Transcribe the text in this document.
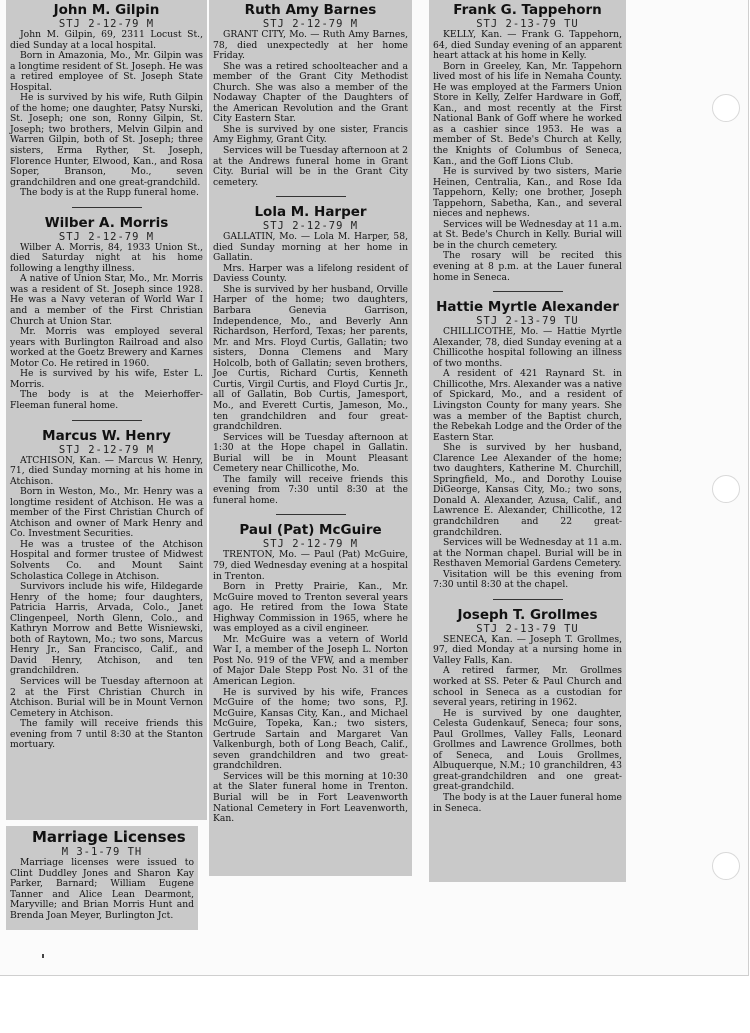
John M. Gilpin
STJ 2-12-79 M

John M. Gilpin, 69, 2311 Locust St., died Sunday at a local hospital.

Born in Amazonia, Mo., Mr. Gilpin was a longtime resident of St. Joseph. He was a retired employee of St. Joseph State Hospital.

He is survived by his wife, Ruth Gilpin of the home; one daughter, Patsy Nurski, St. Joseph; one son, Ronny Gilpin, St. Joseph; two brothers, Melvin Gilpin and Warren Gilpin, both of St. Joseph; three sisters, Erma Ryther, St. Joseph, Florence Hunter, Elwood, Kan., and Rosa Soper, Branson, Mo., seven grandchildren and one great-grandchild.

The body is at the Rupp funeral home.

Wilber A. Morris
STJ 2-12-79 M

Wilber A. Morris, 84, 1933 Union St., died Saturday night at his home following a lengthy illness.

A native of Union Star, Mo., Mr. Morris was a resident of St. Joseph since 1928. He was a Navy veteran of World War I and a member of the First Christian Church at Union Star.

Mr. Morris was employed several years with Burlington Railroad and also worked at the Goetz Brewery and Karnes Motor Co. He retired in 1960.

He is survived by his wife, Ester L. Morris.

The body is at the Meierhoffer-Fleeman funeral home.

Marcus W. Henry
STJ 2-12-79 M

ATCHISON, Kan. — Marcus W. Henry, 71, died Sunday morning at his home in Atchison.

Born in Weston, Mo., Mr. Henry was a longtime resident of Atchison. He was a member of the First Christian Church of Atchison and owner of Mark Henry and Co. Investment Securities.

He was a trustee of the Atchison Hospital and former trustee of Midwest Solvents Co. and Mount Saint Scholastica College in Atchison.

Survivors include his wife, Hildegarde Henry of the home; four daughters, Patricia Harris, Arvada, Colo., Janet Clingenpeel, North Glenn, Colo., and Kathryn Morrow and Bette Wisniewski, both of Raytown, Mo.; two sons, Marcus Henry Jr., San Francisco, Calif., and David Henry, Atchison, and ten grandchildren.

Services will be Tuesday afternoon at 2 at the First Christian Church in Atchison. Burial will be in Mount Vernon Cemetery in Atchison.

The family will receive friends this evening from 7 until 8:30 at the Stanton mortuary.

Marriage Licenses
M 3-1-79 TH

Marriage licenses were issued to Clint Duddley Jones and Sharon Kay Parker, Barnard; William Eugene Tanner and Alice Lean Dearmont, Maryville; and Brian Morris Hunt and Brenda Joan Meyer, Burlington Jct.

Ruth Amy Barnes
STJ 2-12-79 M

GRANT CITY, Mo. — Ruth Amy Barnes, 78, died unexpectedly at her home Friday.

She was a retired schoolteacher and a member of the Grant City Methodist Church. She was also a member of the Nodaway Chapter of the Daughters of the American Revolution and the Grant City Eastern Star.

She is survived by one sister, Francis Amy Eighmy, Grant City.

Services will be Tuesday afternoon at 2 at the Andrews funeral home in Grant City. Burial will be in the Grant City cemetery.

Lola M. Harper
STJ 2-12-79 M

GALLATIN, Mo. — Lola M. Harper, 58, died Sunday morning at her home in Gallatin.

Mrs. Harper was a lifelong resident of Daviess County.

She is survived by her husband, Orville Harper of the home; two daughters, Barbara Genevia Garrison, Independence, Mo., and Beverly Ann Richardson, Herford, Texas; her parents, Mr. and Mrs. Floyd Curtis, Gallatin; two sisters, Donna Clemens and Mary Holcolb, both of Gallatin; seven brothers, Joe Curtis, Richard Curtis, Kenneth Curtis, Virgil Curtis, and Floyd Curtis Jr., all of Gallatin, Bob Curtis, Jamesport, Mo., and Everett Curtis, Jameson, Mo., ten grandchildren and four great-grandchildren.

Services will be Tuesday afternoon at 1:30 at the Hope chapel in Gallatin. Burial will be in Mount Pleasant Cemetery near Chillicothe, Mo.

The family will receive friends this evening from 7:30 until 8:30 at the funeral home.

Paul (Pat) McGuire
STJ 2-12-79 M

TRENTON, Mo. — Paul (Pat) McGuire, 79, died Wednesday evening at a hospital in Trenton.

Born in Pretty Prairie, Kan., Mr. McGuire moved to Trenton several years ago. He retired from the Iowa State Highway Commission in 1965, where he was employed as a civil engineer.

Mr. McGuire was a vetern of World War I, a member of the Joseph L. Norton Post No. 919 of the VFW, and a member of Major Dale Stepp Post No. 31 of the American Legion.

He is survived by his wife, Frances McGuire of the home; two sons, P.J. McGuire, Kansas City, Kan., and Michael McGuire, Topeka, Kan.; two sisters, Gertrude Sartain and Margaret Van Valkenburgh, both of Long Beach, Calif., seven grandchildren and two great-grandchildren.

Services will be this morning at 10:30 at the Slater funeral home in Trenton. Burial will be in Fort Leavenworth National Cemetery in Fort Leavenworth, Kan.

Frank G. Tappehorn
STJ 2-13-79 TU

KELLY, Kan. — Frank G. Tappehorn, 64, died Sunday evening of an apparent heart attack at his home in Kelly.

Born in Greeley, Kan, Mr. Tappehorn lived most of his life in Nemaha County. He was employed at the Farmers Union Store in Kelly, Zelfer Hardware in Goff, Kan., and most recently at the First National Bank of Goff where he worked as a cashier since 1953. He was a member of St. Bede's Church at Kelly, the Knights of Columbus of Seneca, Kan., and the Goff Lions Club.

He is survived by two sisters, Marie Heinen, Centralia, Kan., and Rose Ida Tappehorn, Kelly; one brother, Joseph Tappehorn, Sabetha, Kan., and several nieces and nephews.

Services will be Wednesday at 11 a.m. at St. Bede's Church in Kelly. Burial will be in the church cemetery.

The rosary will be recited this evening at 8 p.m. at the Lauer funeral home in Seneca.

Hattie Myrtle Alexander
STJ 2-13-79 TU

CHILLICOTHE, Mo. — Hattie Myrtle Alexander, 78, died Sunday evening at a Chillicothe hospital following an illness of two months.

A resident of 421 Raynard St. in Chillicothe, Mrs. Alexander was a native of Spickard, Mo., and a resident of Livingston County for many years. She was a member of the Baptist church, the Rebekah Lodge and the Order of the Eastern Star.

She is survived by her husband, Clarence Lee Alexander of the home; two daughters, Katherine M. Churchill, Springfield, Mo., and Dorothy Louise DiGeorge, Kansas City, Mo.; two sons, Donald A. Alexander, Azusa, Calif., and Lawrence E. Alexander, Chillicothe, 12 grandchildren and 22 great-grandchildren.

Services will be Wednesday at 11 a.m. at the Norman chapel. Burial will be in Resthaven Memorial Gardens Cemetery.

Visitation will be this evening from 7:30 until 8:30 at the chapel.

Joseph T. Grollmes
STJ 2-13-79 TU

SENECA, Kan. — Joseph T. Grollmes, 97, died Monday at a nursing home in Valley Falls, Kan.

A retired farmer, Mr. Grollmes worked at SS. Peter & Paul Church and school in Seneca as a custodian for several years, retiring in 1962.

He is survived by one daughter, Celesta Gudenkauf, Seneca; four sons, Paul Grollmes, Valley Falls, Leonard Grollmes and Lawrence Grollmes, both of Seneca, and Louis Grollmes, Albuquerque, N.M.; 10 granchildren, 43 great-grandchildren and one great-great-grandchild.

The body is at the Lauer funeral home in Seneca.
